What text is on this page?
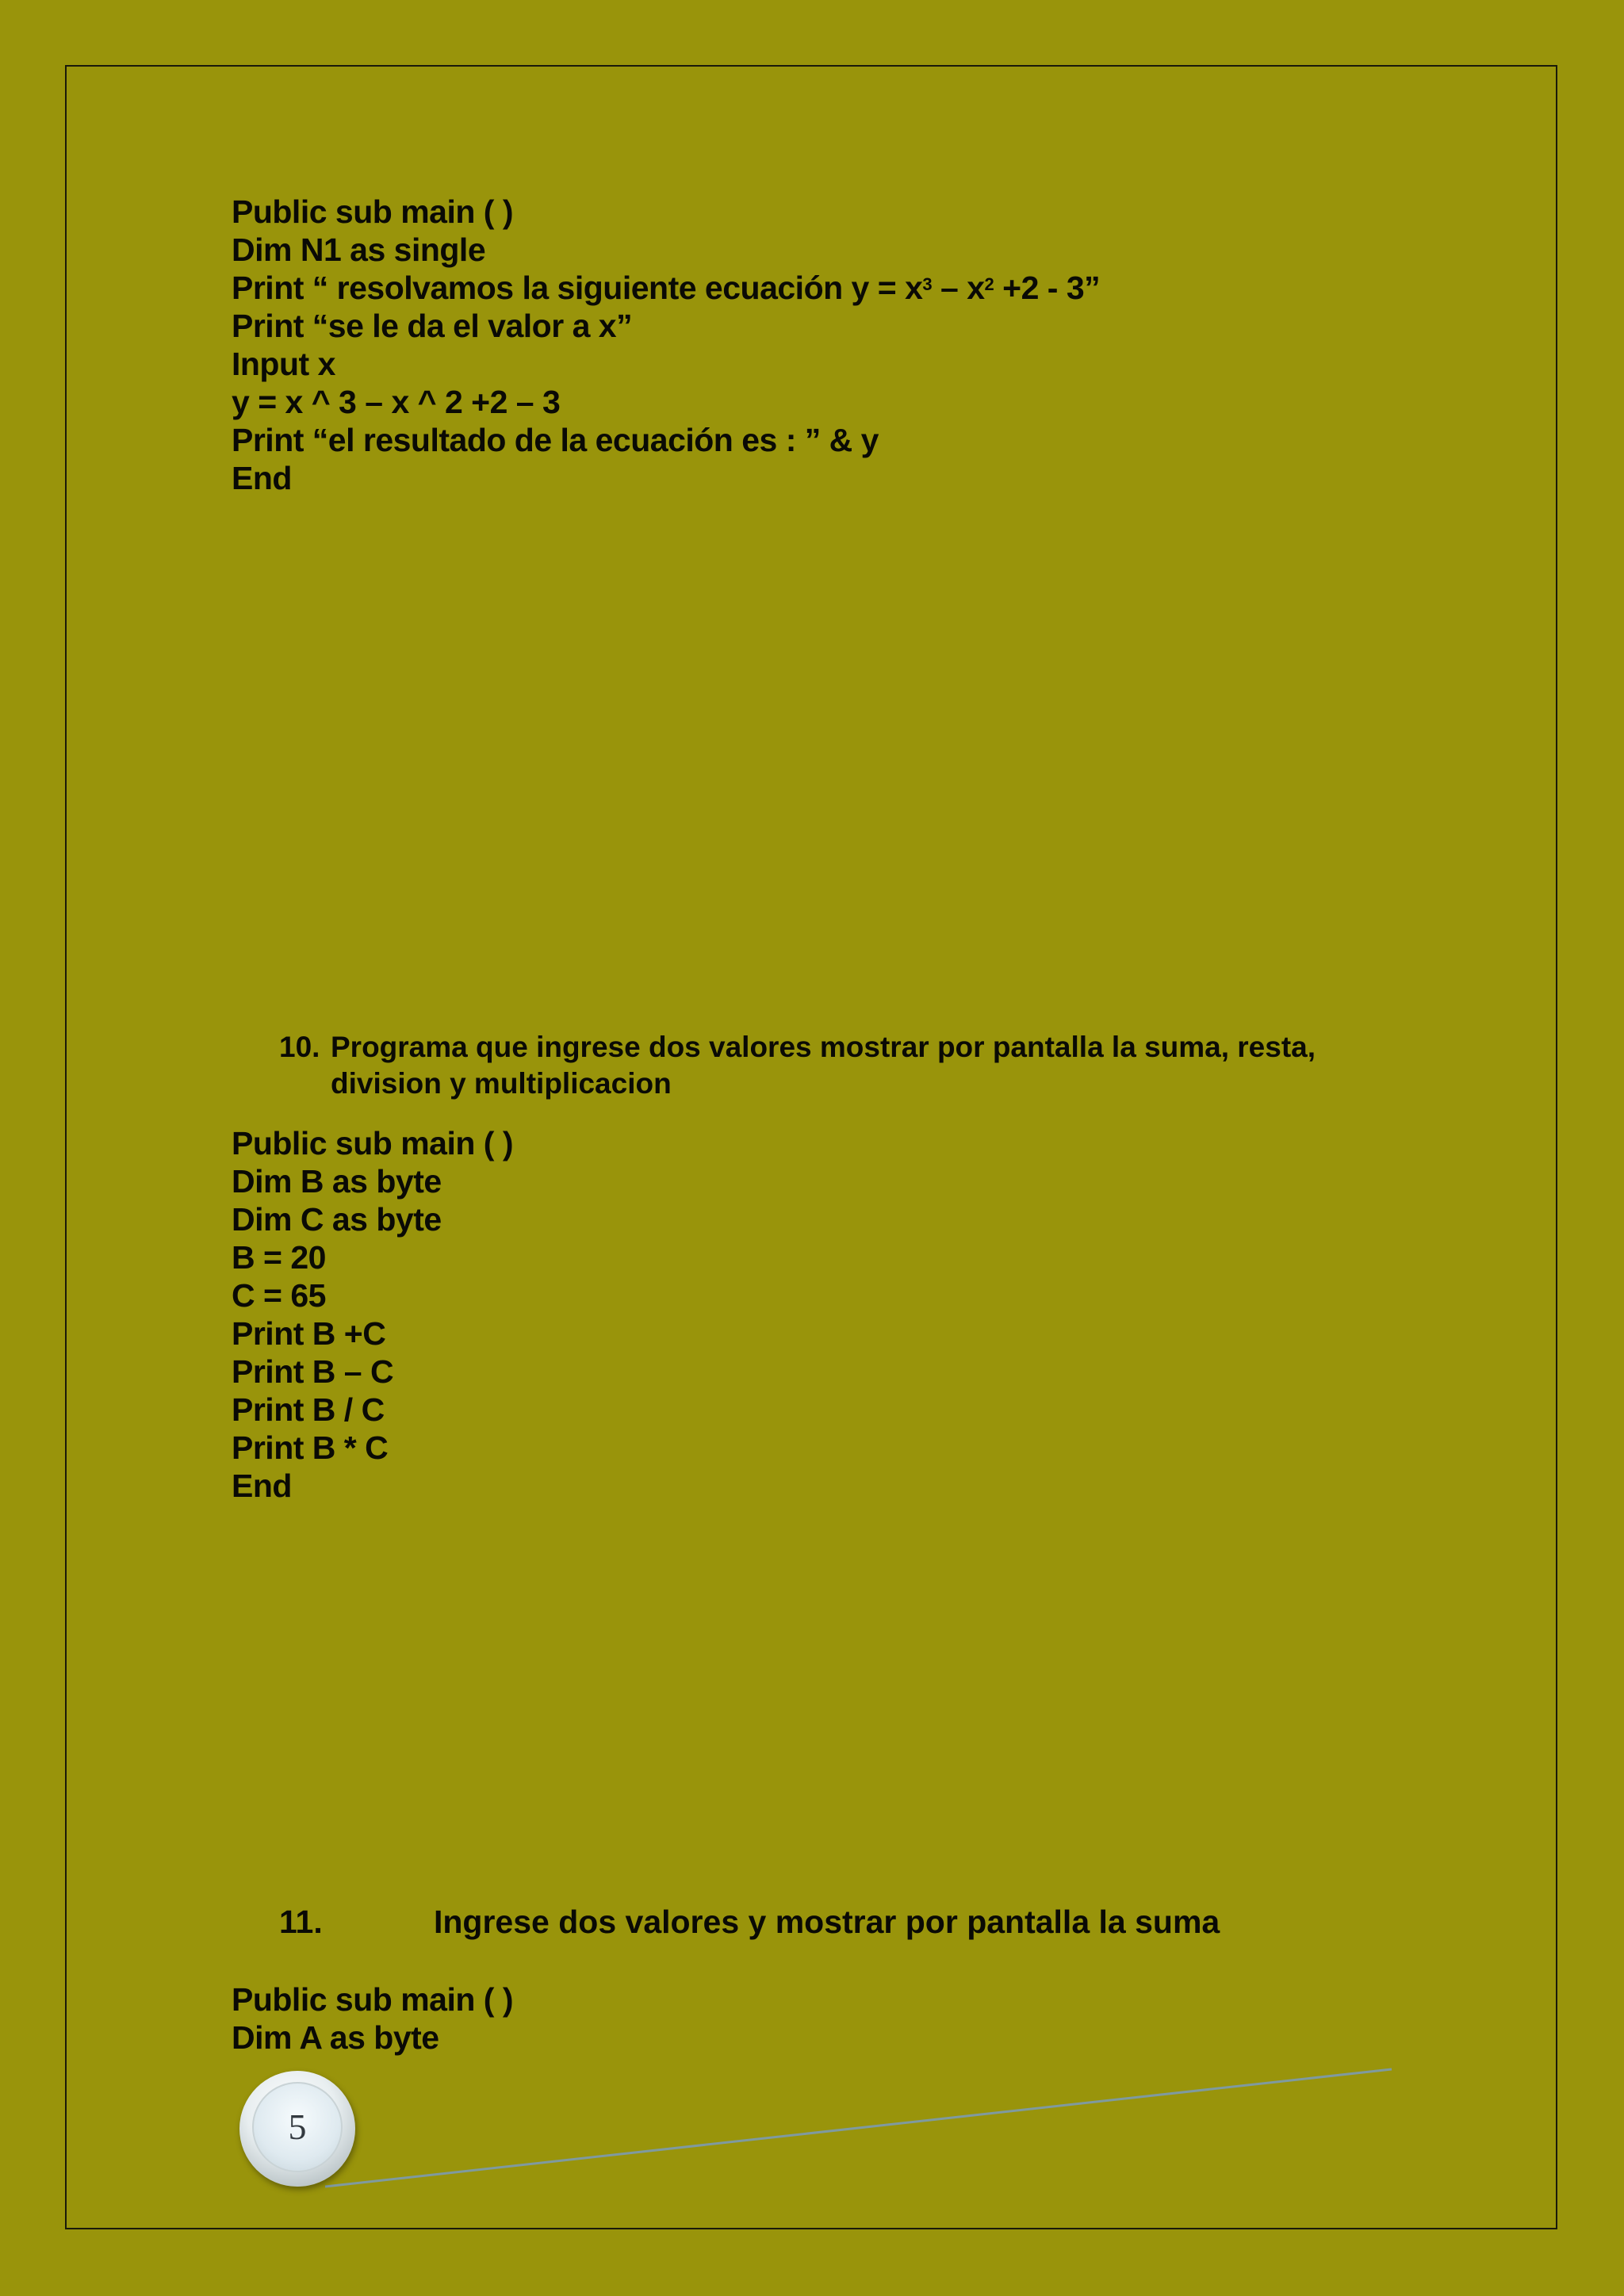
Public sub main ( )
Dim N1 as single
Print “ resolvamos la siguiente ecuación $y = x^3 - x^2 +2 - 3$”
Print “se le da el valor a x”
Input x
y = x ^ 3 – x ^ 2 +2 – 3
Print “el resultado de la ecuación es : ” & y
End
10. Programa que ingrese dos valores mostrar por pantalla la suma, resta, division y multiplicacion
Public sub main ( )
Dim B as byte
Dim C as byte
B = 20
C = 65
Print B +C
Print B – C
Print B / C
Print B * C
End
11.	Ingrese dos valores y mostrar por pantalla la suma
Public sub main ( )
Dim A as byte
5
